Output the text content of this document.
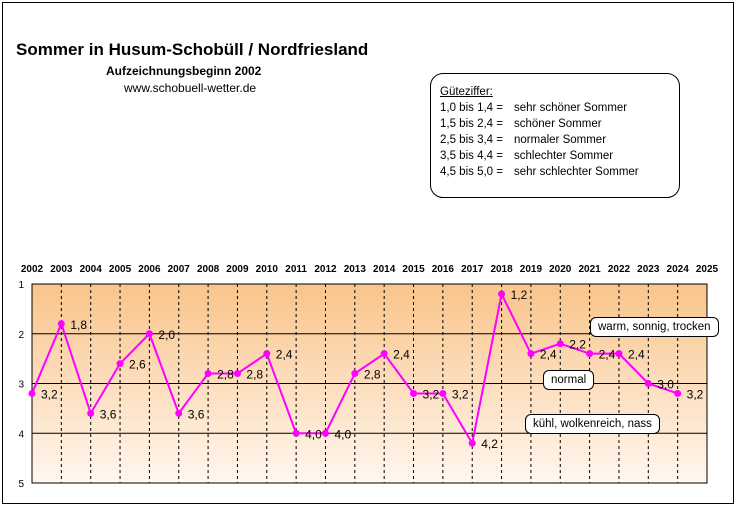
Sommer in Husum-Schobüll / Nordfriesland
Aufzeichnungsbeginn 2002
www.schobuell-wetter.de
2002 2003 2004 2005 2006 2007 2008 2009 2010 2011 2012 2013 2014 2015 2016 2017 2018 2019 2020 2021 2022 2023 2024 2025
1
2
3
4
5
3,2
1,8
3,6
2,6
2,0
3,6
2,8 2,8
2,4
4,0 4,0
2,8
2,4
3,2 3,2
4,2
1,2
2,4
2,2
2,4 2,4
3,0
3,2
Güteziffer:
1,0 bis 1,4 = sehr schöner Sommer
1,5 bis 2,4 = schöner Sommer
2,5 bis 3,4 = normaler Sommer
3,5 bis 4,4 = schlechter Sommer
4,5 bis 5,0 = sehr schlechter Sommer
warm, sonnig, trocken
normal
kühl, wolkenreich, nass
